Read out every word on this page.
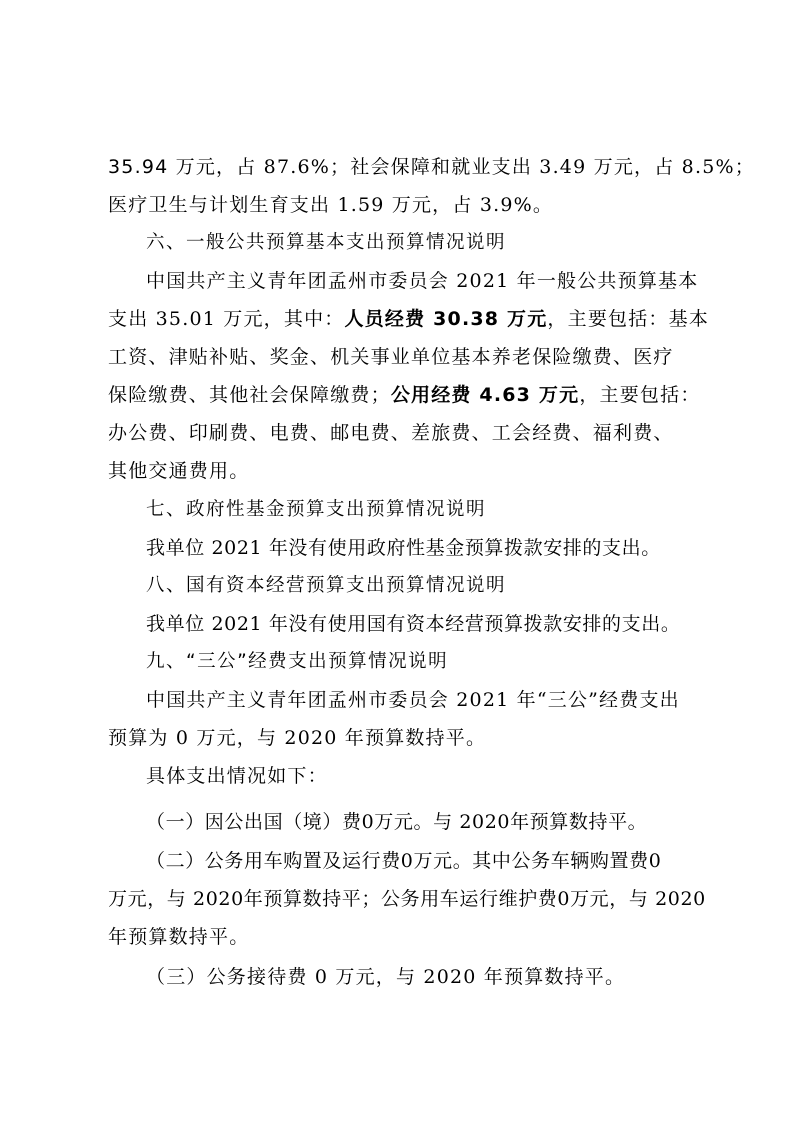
35.94 万元，占 87.6%；社会保障和就业支出 3.49 万元，占 8.5%；
医疗卫生与计划生育支出 1.59 万元，占 3.9%。
六、一般公共预算基本支出预算情况说明
中国共产主义青年团孟州市委员会 2021 年一般公共预算基本
支出 35.01 万元，其中：人员经费 30.38 万元，主要包括：基本
工资、津贴补贴、奖金、机关事业单位基本养老保险缴费、医疗
保险缴费、其他社会保障缴费；公用经费 4.63 万元，主要包括：
办公费、印刷费、电费、邮电费、差旅费、工会经费、福利费、
其他交通费用。
七、政府性基金预算支出预算情况说明
我单位 2021 年没有使用政府性基金预算拨款安排的支出。
八、国有资本经营预算支出预算情况说明
我单位 2021 年没有使用国有资本经营预算拨款安排的支出。
九、“三公”经费支出预算情况说明
中国共产主义青年团孟州市委员会 2021 年“三公”经费支出
预算为 0 万元，与 2020 年预算数持平。
具体支出情况如下：
（一）因公出国（境）费0万元。与 2020年预算数持平。
（二）公务用车购置及运行费0万元。其中公务车辆购置费0
万元，与 2020年预算数持平；公务用车运行维护费0万元，与 2020
年预算数持平。
（三）公务接待费 0 万元，与 2020 年预算数持平。
